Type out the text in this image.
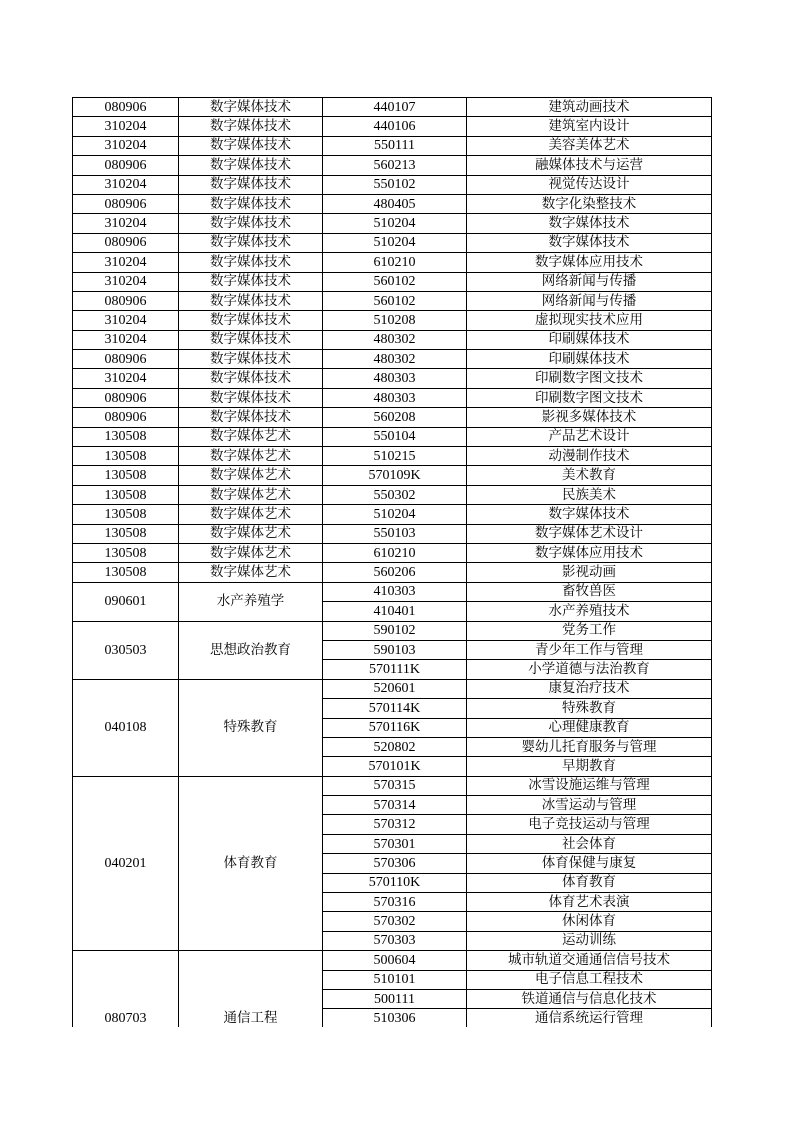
080906	数字媒体技术	440107	建筑动画技术
310204	数字媒体技术	440106	建筑室内设计
310204	数字媒体技术	550111	美容美体艺术
080906	数字媒体技术	560213	融媒体技术与运营
310204	数字媒体技术	550102	视觉传达设计
080906	数字媒体技术	480405	数字化染整技术
310204	数字媒体技术	510204	数字媒体技术
080906	数字媒体技术	510204	数字媒体技术
310204	数字媒体技术	610210	数字媒体应用技术
310204	数字媒体技术	560102	网络新闻与传播
080906	数字媒体技术	560102	网络新闻与传播
310204	数字媒体技术	510208	虚拟现实技术应用
310204	数字媒体技术	480302	印刷媒体技术
080906	数字媒体技术	480302	印刷媒体技术
310204	数字媒体技术	480303	印刷数字图文技术
080906	数字媒体技术	480303	印刷数字图文技术
080906	数字媒体技术	560208	影视多媒体技术
130508	数字媒体艺术	550104	产品艺术设计
130508	数字媒体艺术	510215	动漫制作技术
130508	数字媒体艺术	570109K	美术教育
130508	数字媒体艺术	550302	民族美术
130508	数字媒体艺术	510204	数字媒体技术
130508	数字媒体艺术	550103	数字媒体艺术设计
130508	数字媒体艺术	610210	数字媒体应用技术
130508	数字媒体艺术	560206	影视动画
090601	水产养殖学	410303	畜牧兽医
		410401	水产养殖技术
030503	思想政治教育	590102	党务工作
		590103	青少年工作与管理
		570111K	小学道德与法治教育
040108	特殊教育	520601	康复治疗技术
		570114K	特殊教育
		570116K	心理健康教育
		520802	婴幼儿托育服务与管理
		570101K	早期教育
040201	体育教育	570315	冰雪设施运维与管理
		570314	冰雪运动与管理
		570312	电子竞技运动与管理
		570301	社会体育
		570306	体育保健与康复
		570110K	体育教育
		570316	体育艺术表演
		570302	休闲体育
		570303	运动训练
080703	通信工程	500604	城市轨道交通通信信号技术
		510101	电子信息工程技术
		500111	铁道通信与信息化技术
		510306	通信系统运行管理
